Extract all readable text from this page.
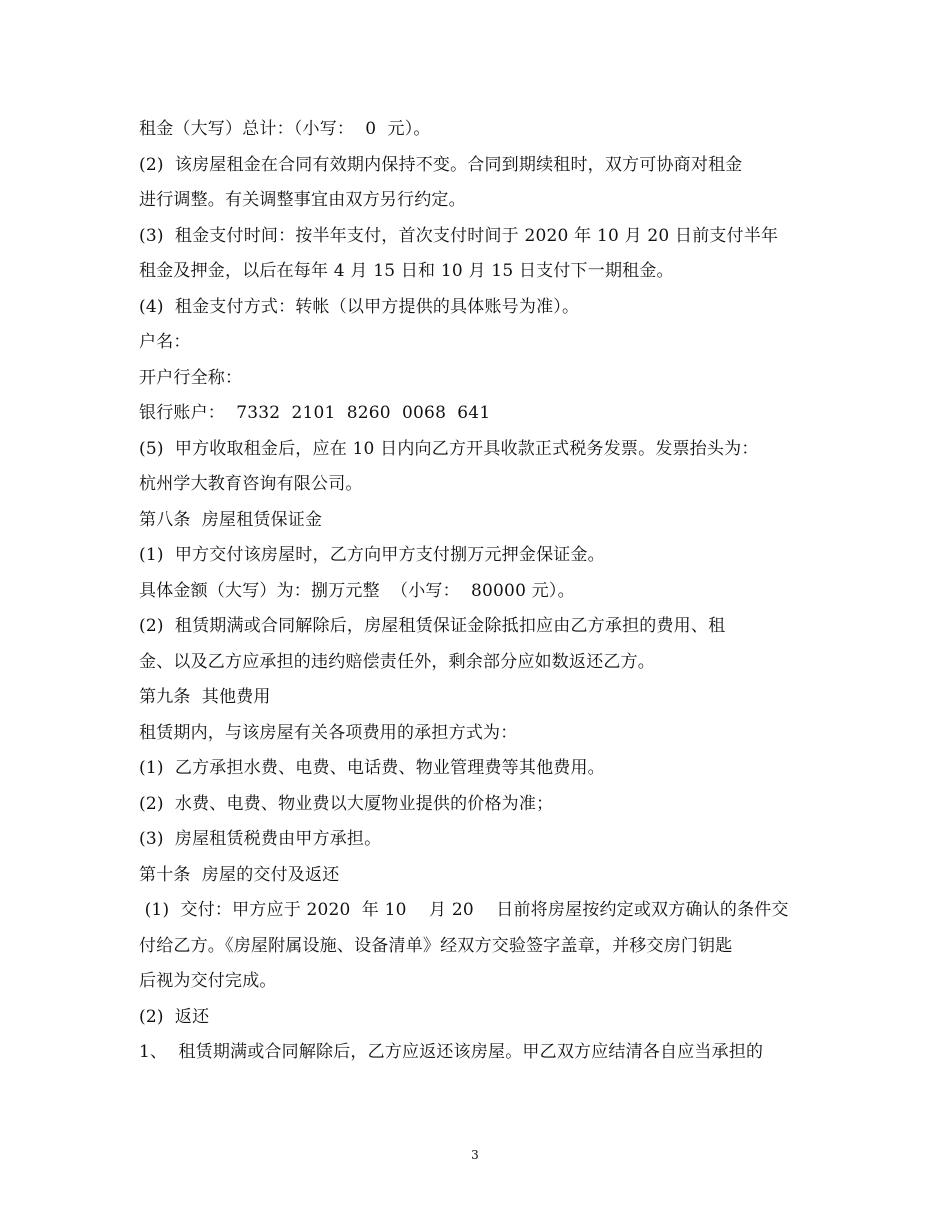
租金（大写）总计：（小写：  0  元）。
(2)  该房屋租金在合同有效期内保持不变。合同到期续租时，双方可协商对租金
进行调整。有关调整事宜由双方另行约定。
(3)  租金支付时间：按半年支付，首次支付时间于 2020 年 10 月 20 日前支付半年
租金及押金，以后在每年 4 月 15 日和 10 月 15 日支付下一期租金。
(4)  租金支付方式：转帐（以甲方提供的具体账号为准）。
户名：
开户行全称：
银行账户：  7332  2101  8260  0068  641
(5)  甲方收取租金后，应在 10 日内向乙方开具收款正式税务发票。发票抬头为：
杭州学大教育咨询有限公司。
第八条  房屋租赁保证金
(1)  甲方交付该房屋时，乙方向甲方支付捌万元押金保证金。
具体金额（大写）为：捌万元整  （小写：  80000 元）。
(2)  租赁期满或合同解除后，房屋租赁保证金除抵扣应由乙方承担的费用、租
金、以及乙方应承担的违约赔偿责任外，剩余部分应如数返还乙方。
第九条  其他费用
租赁期内，与该房屋有关各项费用的承担方式为：
(1)  乙方承担水费、电费、电话费、物业管理费等其他费用。
(2)  水费、电费、物业费以大厦物业提供的价格为准；
(3)  房屋租赁税费由甲方承担。
第十条  房屋的交付及返还
(1)  交付：甲方应于 2020  年 10    月 20    日前将房屋按约定或双方确认的条件交
付给乙方。《房屋附属设施、设备清单》经双方交验签字盖章，并移交房门钥匙
后视为交付完成。
(2)  返还
1、  租赁期满或合同解除后，乙方应返还该房屋。甲乙双方应结清各自应当承担的
3
